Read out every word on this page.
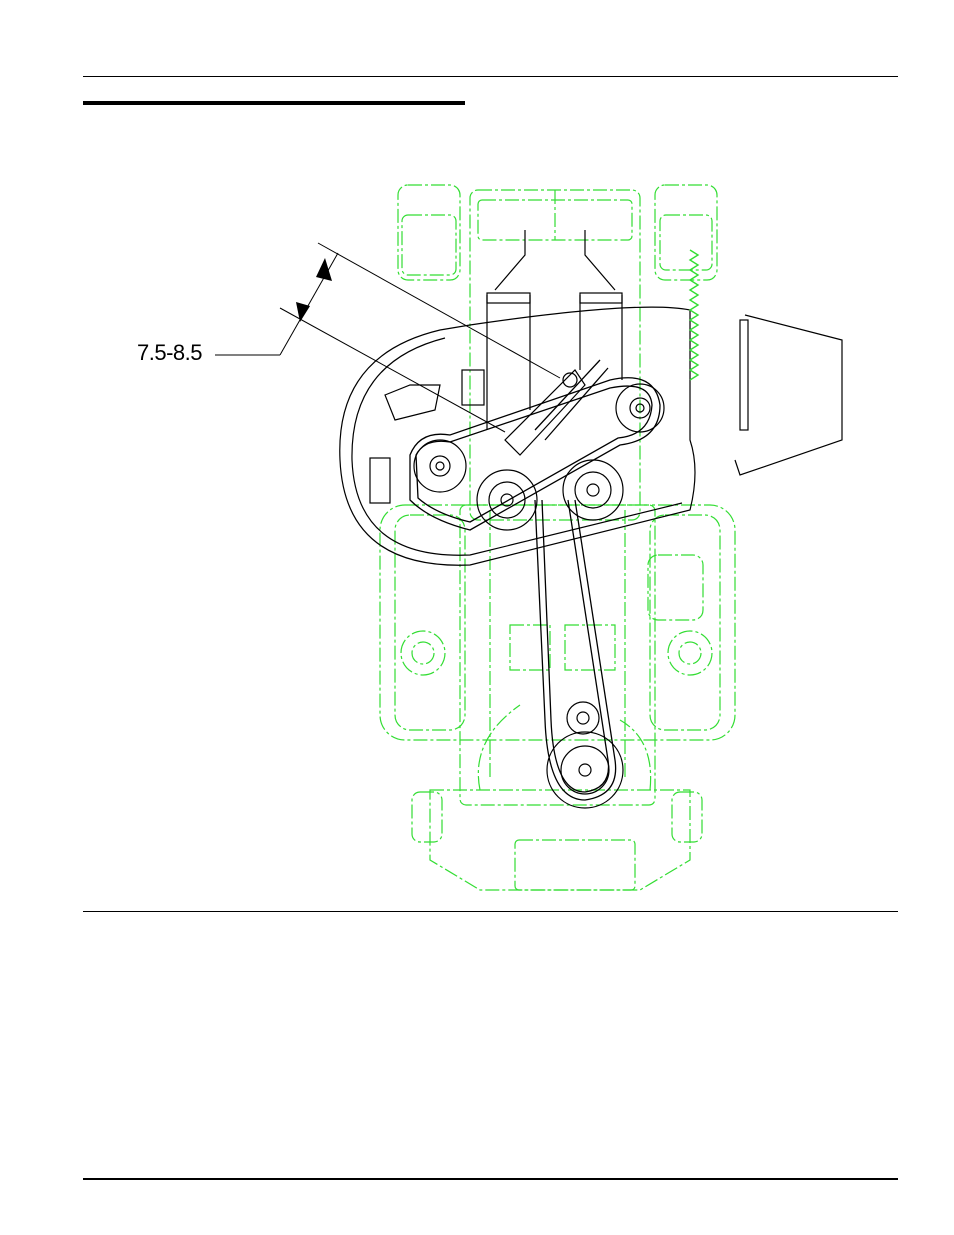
7.5-8.5
